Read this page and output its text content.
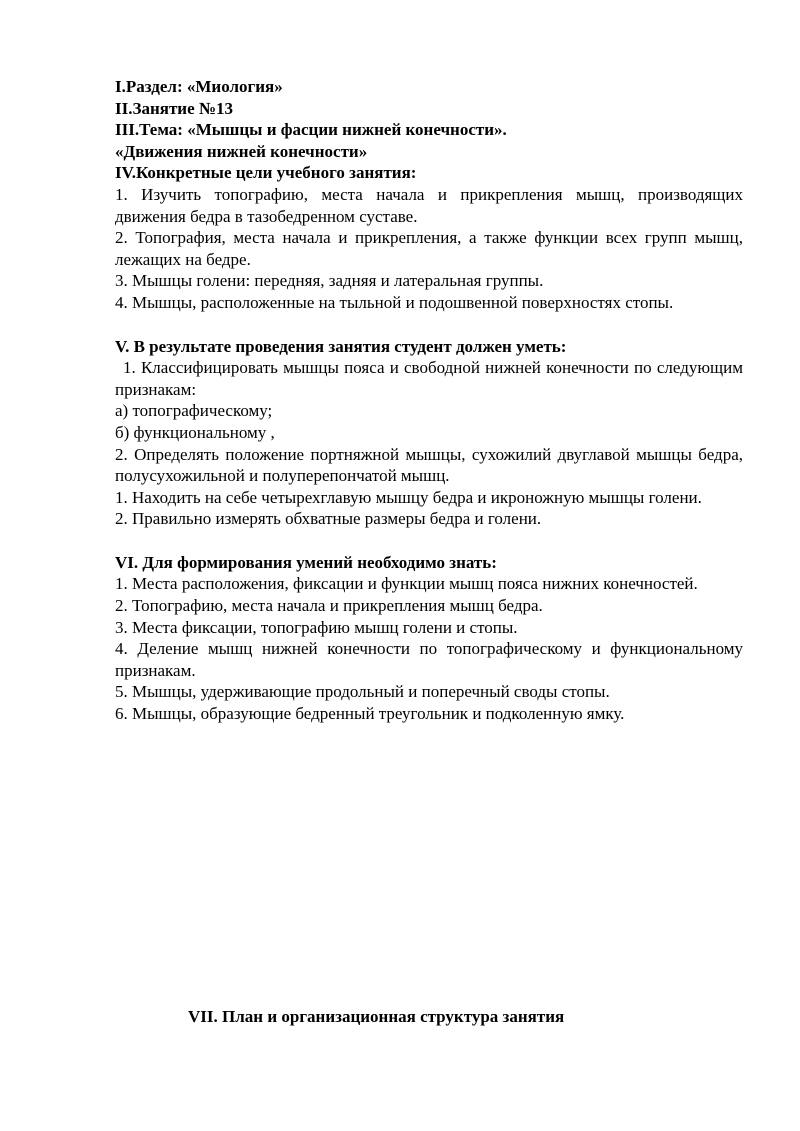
I.Раздел: «Миология»

II.Занятие №13

III.Тема: «Мышцы и фасции нижней конечности».

«Движения нижней конечности»

IV.Конкретные цели учебного занятия:

1. Изучить топографию, места начала и прикрепления мышц, производящих движения бедра в тазобедренном суставе.

2. Топография, места начала и прикрепления, а также функции всех групп мышц, лежащих на бедре.

3. Мышцы голени: передняя, задняя и латеральная группы.

4. Мышцы, расположенные на тыльной и подошвенной поверхностях стопы.

V. В результате проведения занятия студент должен уметь:

1. Классифицировать мышцы пояса и свободной нижней конечности по следующим признакам:

а) топографическому;

б) функциональному ,

2. Определять положение портняжной мышцы, сухожилий двуглавой мышцы бедра, полусухожильной и полуперепончатой мышц.

1. Находить на себе четырехглавую мышцу бедра и икроножную мышцы голени.

2. Правильно измерять обхватные размеры бедра и голени.

VI. Для формирования умений необходимо знать:

1. Места расположения, фиксации и функции мышц пояса нижних конечностей.

2. Топографию, места начала и прикрепления мышц бедра.

3. Места фиксации, топографию мышц голени и стопы.

4. Деление мышц нижней конечности по топографическому и функциональному признакам.

5. Мышцы, удерживающие продольный и поперечный своды стопы.

6. Мышцы, образующие бедренный треугольник и подколенную ямку.

VII. План и организационная структура занятия
